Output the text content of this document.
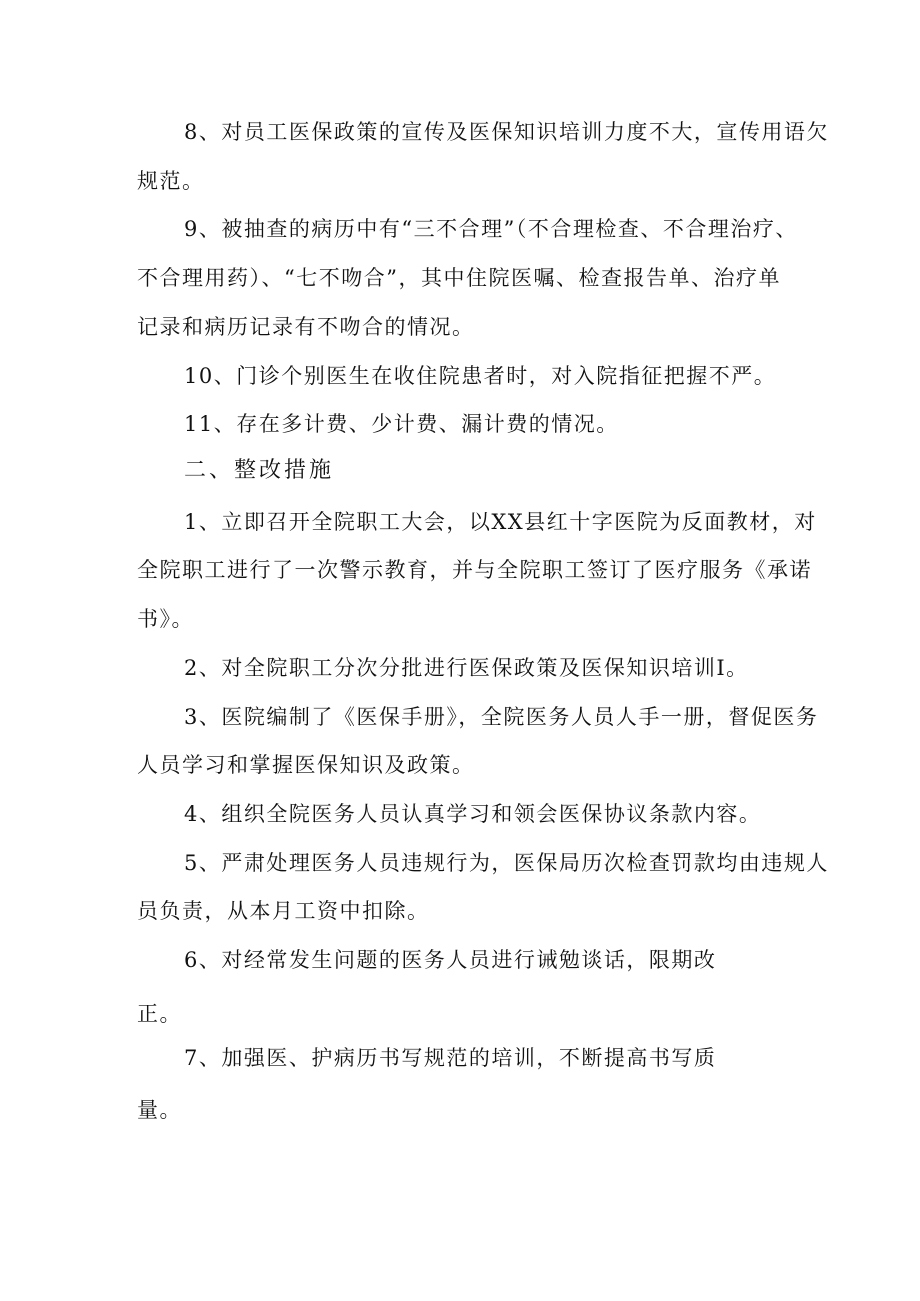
8、对员工医保政策的宣传及医保知识培训力度不大，宣传用语欠
规范。
9、被抽查的病历中有“三不合理”（不合理检查、不合理治疗、
不合理用药）、“七不吻合”，其中住院医嘱、检查报告单、治疗单
记录和病历记录有不吻合的情况。
10、门诊个别医生在收住院患者时，对入院指征把握不严。
11、存在多计费、少计费、漏计费的情况。
二、整改措施
1、立即召开全院职工大会，以XX县红十字医院为反面教材，对
全院职工进行了一次警示教育，并与全院职工签订了医疗服务《承诺
书》。
2、对全院职工分次分批进行医保政策及医保知识培训I。
3、医院编制了《医保手册》，全院医务人员人手一册，督促医务
人员学习和掌握医保知识及政策。
4、组织全院医务人员认真学习和领会医保协议条款内容。
5、严肃处理医务人员违规行为，医保局历次检查罚款均由违规人
员负责，从本月工资中扣除。
6、对经常发生问题的医务人员进行诫勉谈话，限期改
正。
7、加强医、护病历书写规范的培训，不断提高书写质
量。
